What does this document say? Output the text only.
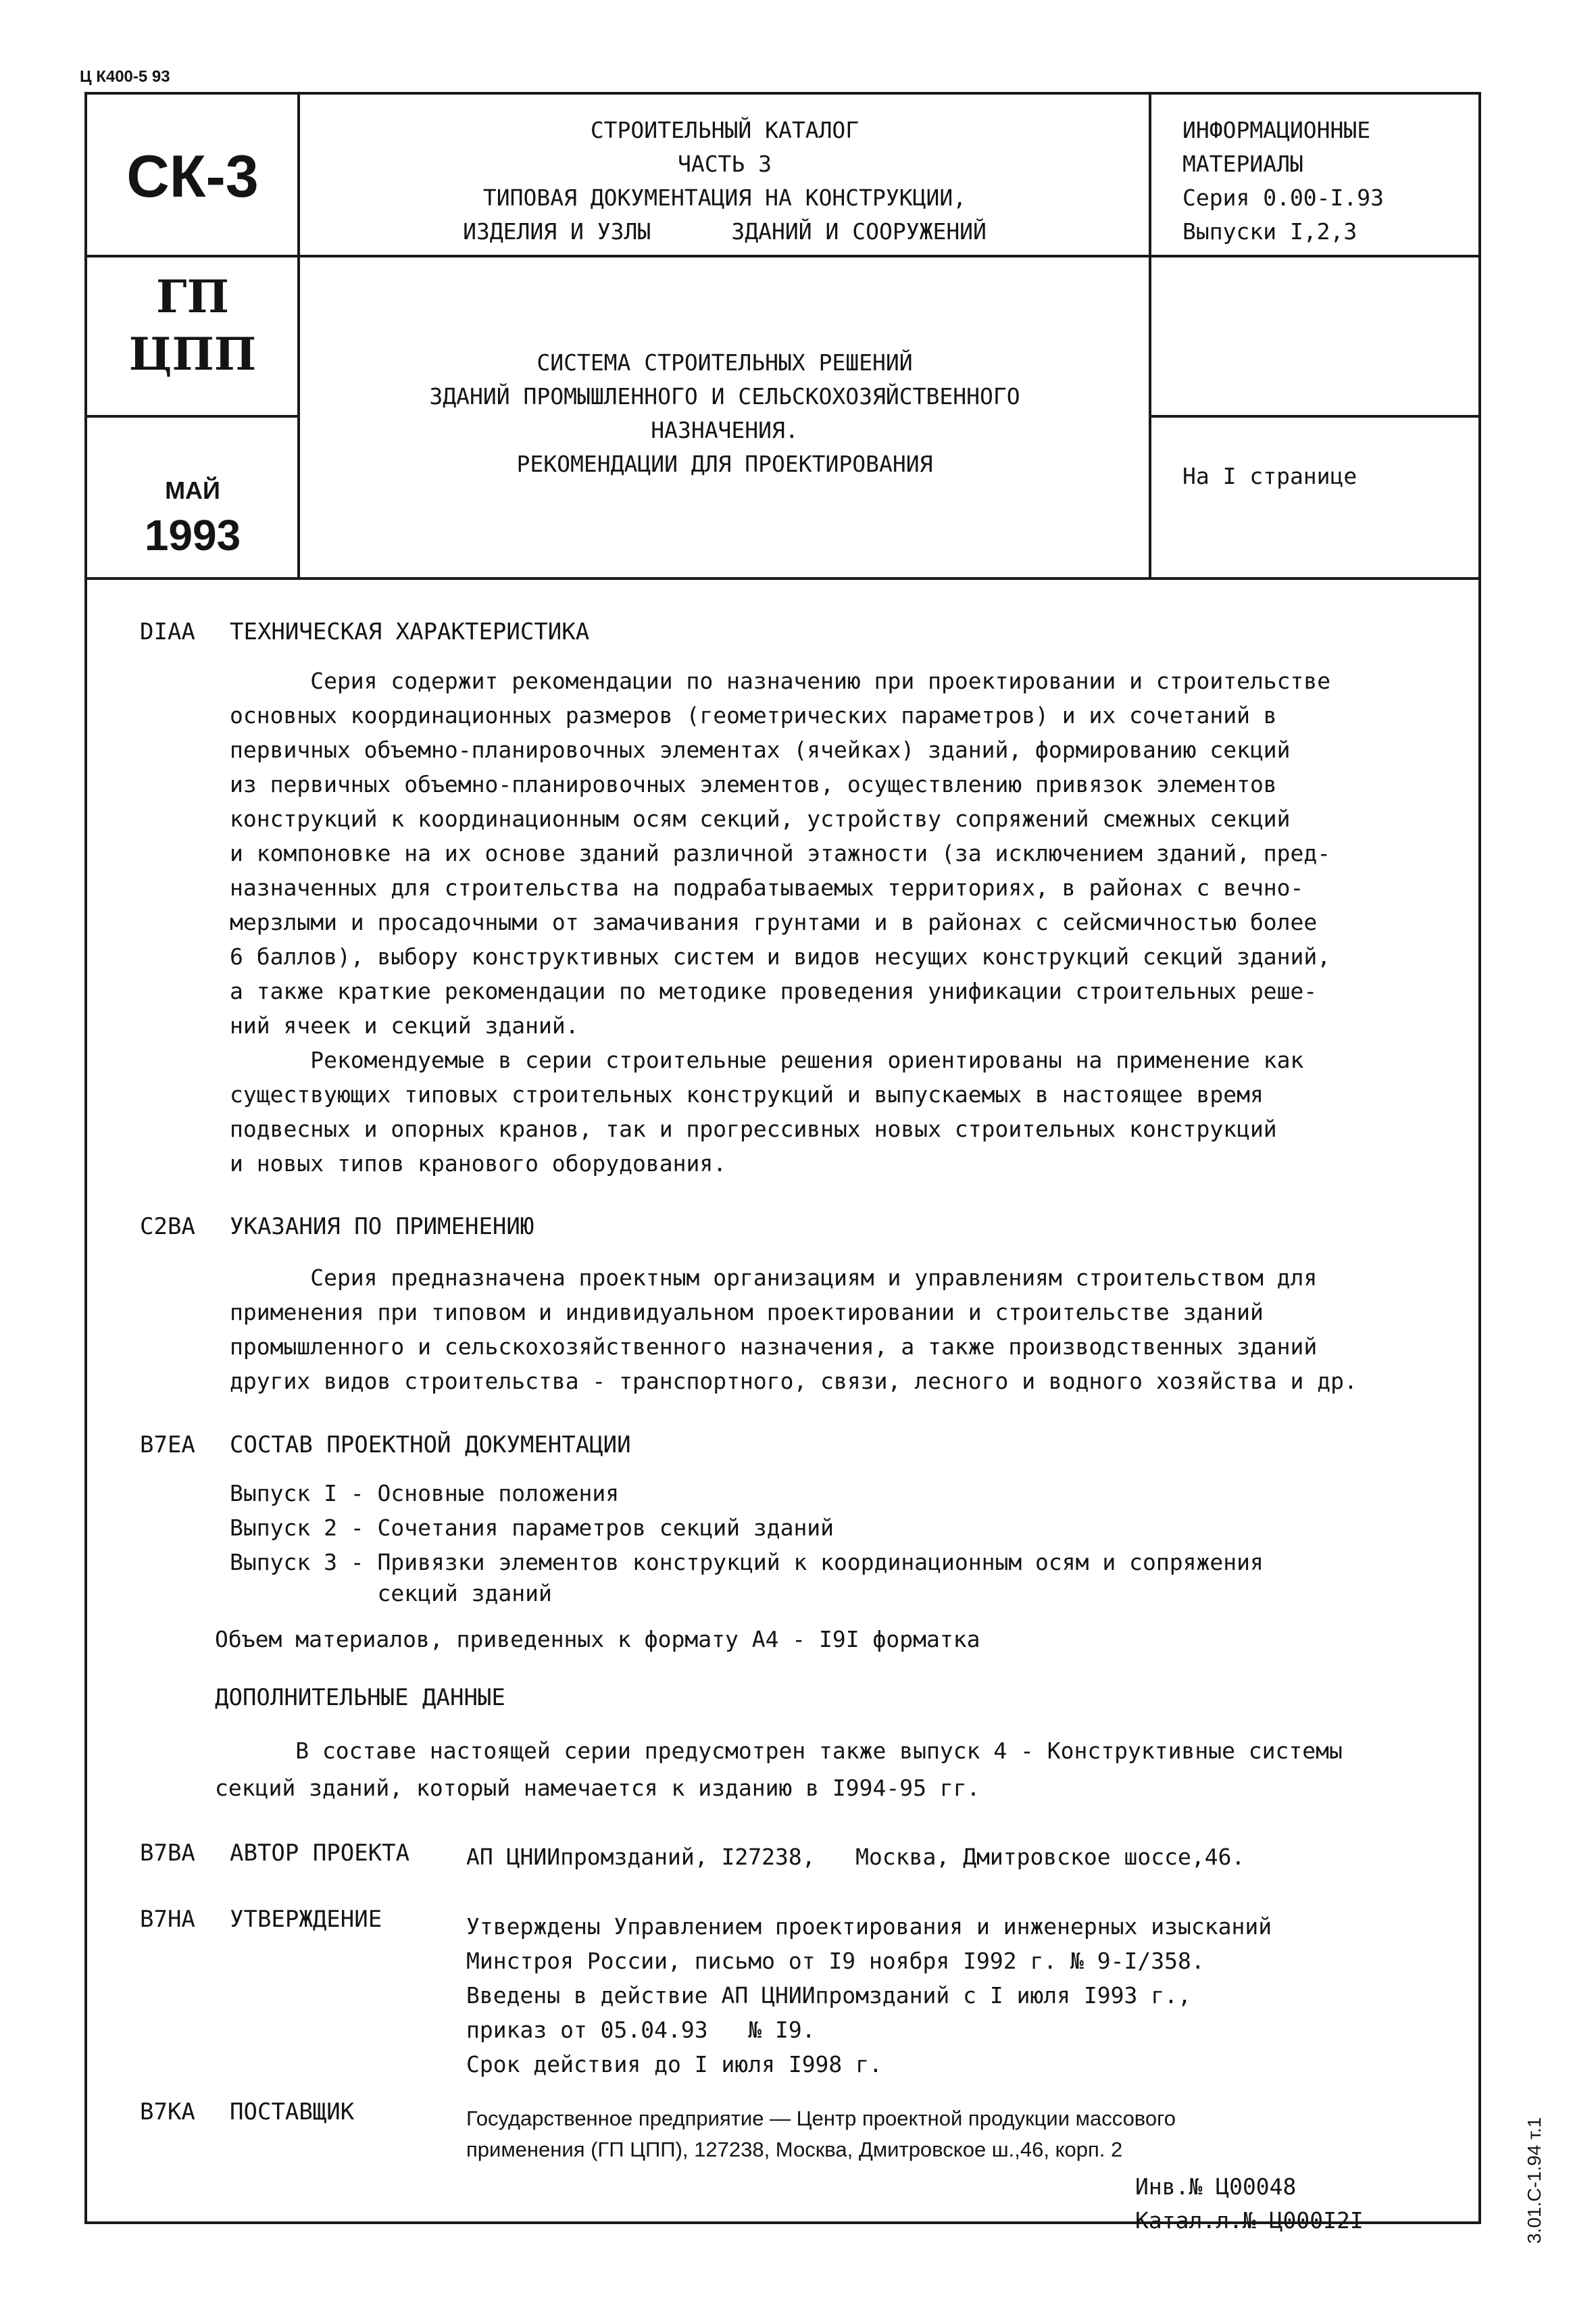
Ц К400-5 93
СК-3
ГП
ЦПП
МАЙ
1993
СТРОИТЕЛЬНЫЙ КАТАЛОГ
ЧАСТЬ 3
ТИПОВАЯ ДОКУМЕНТАЦИЯ НА КОНСТРУКЦИИ,
ИЗДЕЛИЯ И УЗЛЫ      ЗДАНИЙ И СООРУЖЕНИЙ
ИНФОРМАЦИОННЫЕ
МАТЕРИАЛЫ
Серия 0.00-I.93
Выпуски I,2,3
СИСТЕМА СТРОИТЕЛЬНЫХ РЕШЕНИЙ
ЗДАНИЙ ПРОМЫШЛЕННОГО И СЕЛЬСКОХОЗЯЙСТВЕННОГО
НАЗНАЧЕНИЯ.
РЕКОМЕНДАЦИИ ДЛЯ ПРОЕКТИРОВАНИЯ	На I странице
DIAA ТЕХНИЧЕСКАЯ ХАРАКТЕРИСТИКА
Серия содержит рекомендации по назначению при проектировании и строительстве
основных координационных размеров (геометрических параметров) и их сочетаний в
первичных объемно-планировочных элементах (ячейках) зданий, формированию секций
из первичных объемно-планировочных элементов, осуществлению привязок элементов
конструкций к координационным осям секций, устройству сопряжений смежных секций
и компоновке на их основе зданий различной этажности (за исключением зданий, пред-
назначенных для строительства на подрабатываемых территориях, в районах с вечно-
мерзлыми и просадочными от замачивания грунтами и в районах с сейсмичностью более
6 баллов), выбору конструктивных систем и видов несущих конструкций секций зданий,
а также краткие рекомендации по методике проведения унификации строительных реше-
ний ячеек и секций зданий.
Рекомендуемые в серии строительные решения ориентированы на применение как
существующих типовых строительных конструкций и выпускаемых в настоящее время
подвесных и опорных кранов, так и прогрессивных новых строительных конструкций
и новых типов кранового оборудования.
C2BA УКАЗАНИЯ ПО ПРИМЕНЕНИЮ
Серия предназначена проектным организациям и управлениям строительством для
применения при типовом и индивидуальном проектировании и строительстве зданий
промышленного и сельскохозяйственного назначения, а также производственных зданий
других видов строительства - транспортного, связи, лесного и водного хозяйства и др.
B7EA СОСТАВ ПРОЕКТНОЙ ДОКУМЕНТАЦИИ
Выпуск I - Основные положения
Выпуск 2 - Сочетания параметров секций зданий
Выпуск 3 - Привязки элементов конструкций к координационным осям и сопряжения
секций зданий
Объем материалов, приведенных к формату А4 - I9I форматка
ДОПОЛНИТЕЛЬНЫЕ ДАННЫЕ
В составе настоящей серии предусмотрен также выпуск 4 - Конструктивные системы
секций зданий, который намечается к изданию в I994-95 гг.
B7BA АВТОР ПРОЕКТА	АП ЦНИИпромзданий, I27238,   Москва, Дмитровское шоссе,46.
B7HA УТВЕРЖДЕНИЕ	Утверждены Управлением проектирования и инженерных изысканий
Минстроя России, письмо от I9 ноября I992 г. № 9-I/358.
Введены в действие АП ЦНИИпромзданий с I июля I993 г.,
приказ от 05.04.93   № I9.
Срок действия до I июля I998 г.
B7KA ПОСТАВЩИК	Государственное предприятие — Центр проектной продукции массового
применения (ГП ЦПП), 127238, Москва, Дмитровское ш.,46, корп. 2
Инв.№ Ц00048
Катал.л.№ Ц000I2I	3.01.C-1.94 т.1
